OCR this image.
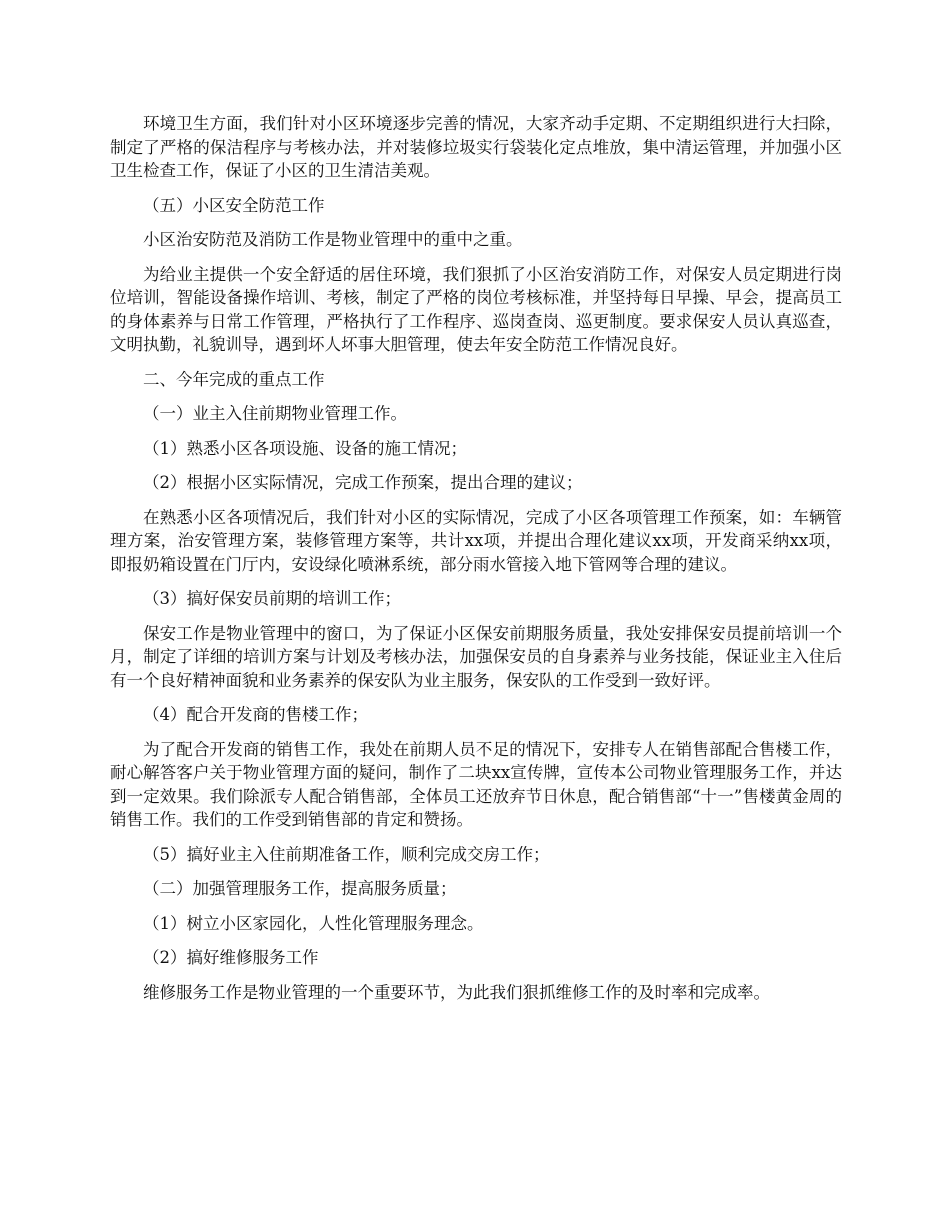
环境卫生方面，我们针对小区环境逐步完善的情况，大家齐动手定期、不定期组织进行大扫除，制定了严格的保洁程序与考核办法，并对装修垃圾实行袋装化定点堆放，集中清运管理，并加强小区卫生检查工作，保证了小区的卫生清洁美观。

（五）小区安全防范工作

小区治安防范及消防工作是物业管理中的重中之重。

为给业主提供一个安全舒适的居住环境，我们狠抓了小区治安消防工作，对保安人员定期进行岗位培训，智能设备操作培训、考核，制定了严格的岗位考核标准，并坚持每日早操、早会，提高员工的身体素养与日常工作管理，严格执行了工作程序、巡岗查岗、巡更制度。要求保安人员认真巡查，文明执勤，礼貌训导，遇到坏人坏事大胆管理，使去年安全防范工作情况良好。

二、今年完成的重点工作

（一）业主入住前期物业管理工作。

（1）熟悉小区各项设施、设备的施工情况；

（2）根据小区实际情况，完成工作预案，提出合理的建议；

在熟悉小区各项情况后，我们针对小区的实际情况，完成了小区各项管理工作预案，如：车辆管理方案，治安管理方案，装修管理方案等，共计xx项，并提出合理化建议xx项，开发商采纳xx项，即报奶箱设置在门厅内，安设绿化喷淋系统，部分雨水管接入地下管网等合理的建议。

（3）搞好保安员前期的培训工作；

保安工作是物业管理中的窗口，为了保证小区保安前期服务质量，我处安排保安员提前培训一个月，制定了详细的培训方案与计划及考核办法，加强保安员的自身素养与业务技能，保证业主入住后有一个良好精神面貌和业务素养的保安队为业主服务，保安队的工作受到一致好评。

（4）配合开发商的售楼工作；

为了配合开发商的销售工作，我处在前期人员不足的情况下，安排专人在销售部配合售楼工作，耐心解答客户关于物业管理方面的疑问，制作了二块xx宣传牌，宣传本公司物业管理服务工作，并达到一定效果。我们除派专人配合销售部，全体员工还放弃节日休息，配合销售部“十一”售楼黄金周的销售工作。我们的工作受到销售部的肯定和赞扬。

（5）搞好业主入住前期准备工作，顺利完成交房工作；

（二）加强管理服务工作，提高服务质量；

（1）树立小区家园化，人性化管理服务理念。

（2）搞好维修服务工作

维修服务工作是物业管理的一个重要环节，为此我们狠抓维修工作的及时率和完成率。
